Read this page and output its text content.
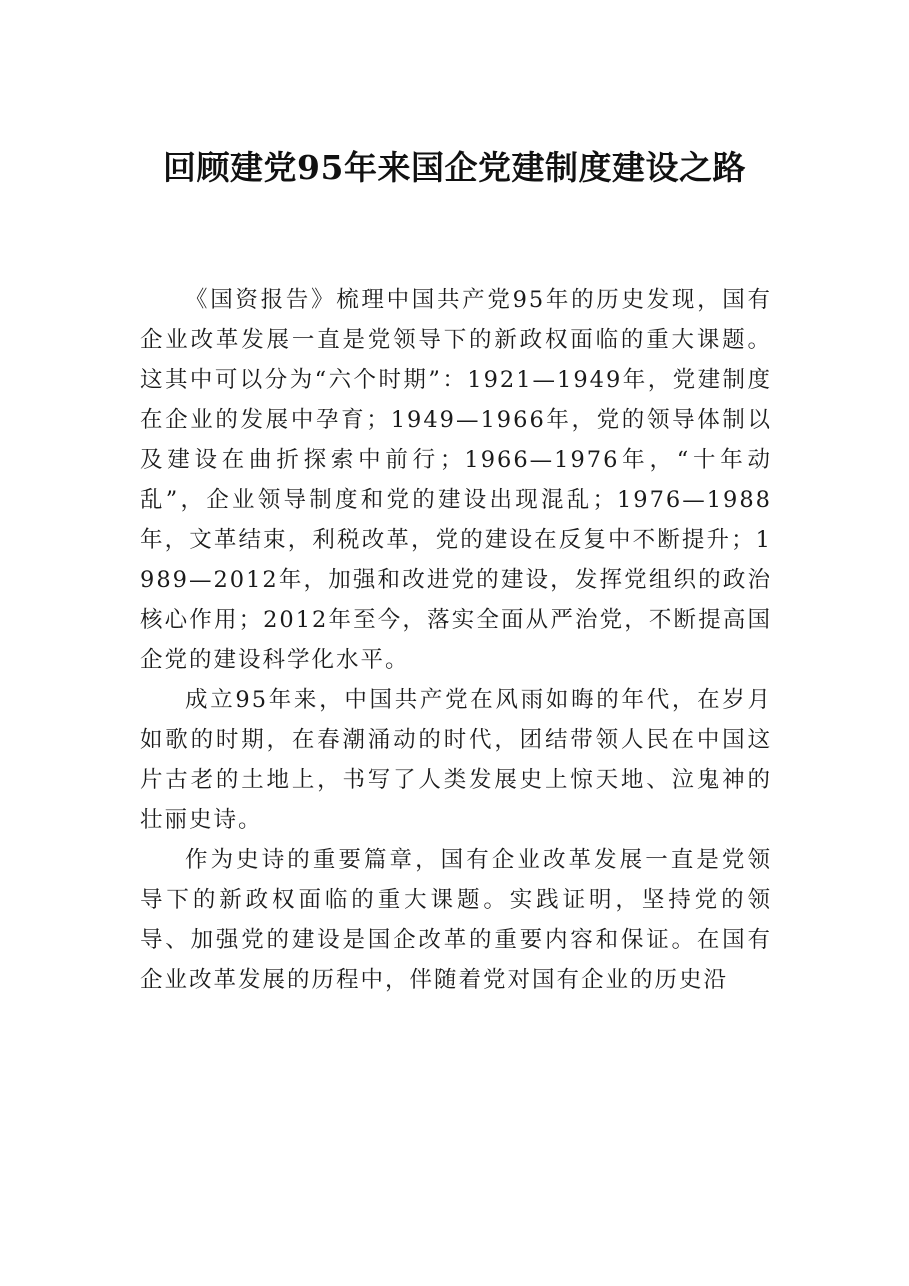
回顾建党95年来国企党建制度建设之路

《国资报告》梳理中国共产党95年的历史发现，国有企业改革发展一直是党领导下的新政权面临的重大课题。这其中可以分为“六个时期”：1921—1949年，党建制度在企业的发展中孕育；1949—1966年，党的领导体制以及建设在曲折探索中前行；1966—1976年，“十年动乱”，企业领导制度和党的建设出现混乱；1976—1988年，文革结束，利税改革，党的建设在反复中不断提升；1989—2012年，加强和改进党的建设，发挥党组织的政治核心作用；2012年至今，落实全面从严治党，不断提高国企党的建设科学化水平。

成立95年来，中国共产党在风雨如晦的年代，在岁月如歌的时期，在春潮涌动的时代，团结带领人民在中国这片古老的土地上，书写了人类发展史上惊天地、泣鬼神的壮丽史诗。

作为史诗的重要篇章，国有企业改革发展一直是党领导下的新政权面临的重大课题。实践证明，坚持党的领导、加强党的建设是国企改革的重要内容和保证。在国有企业改革发展的历程中，伴随着党对国有企业的历史沿
